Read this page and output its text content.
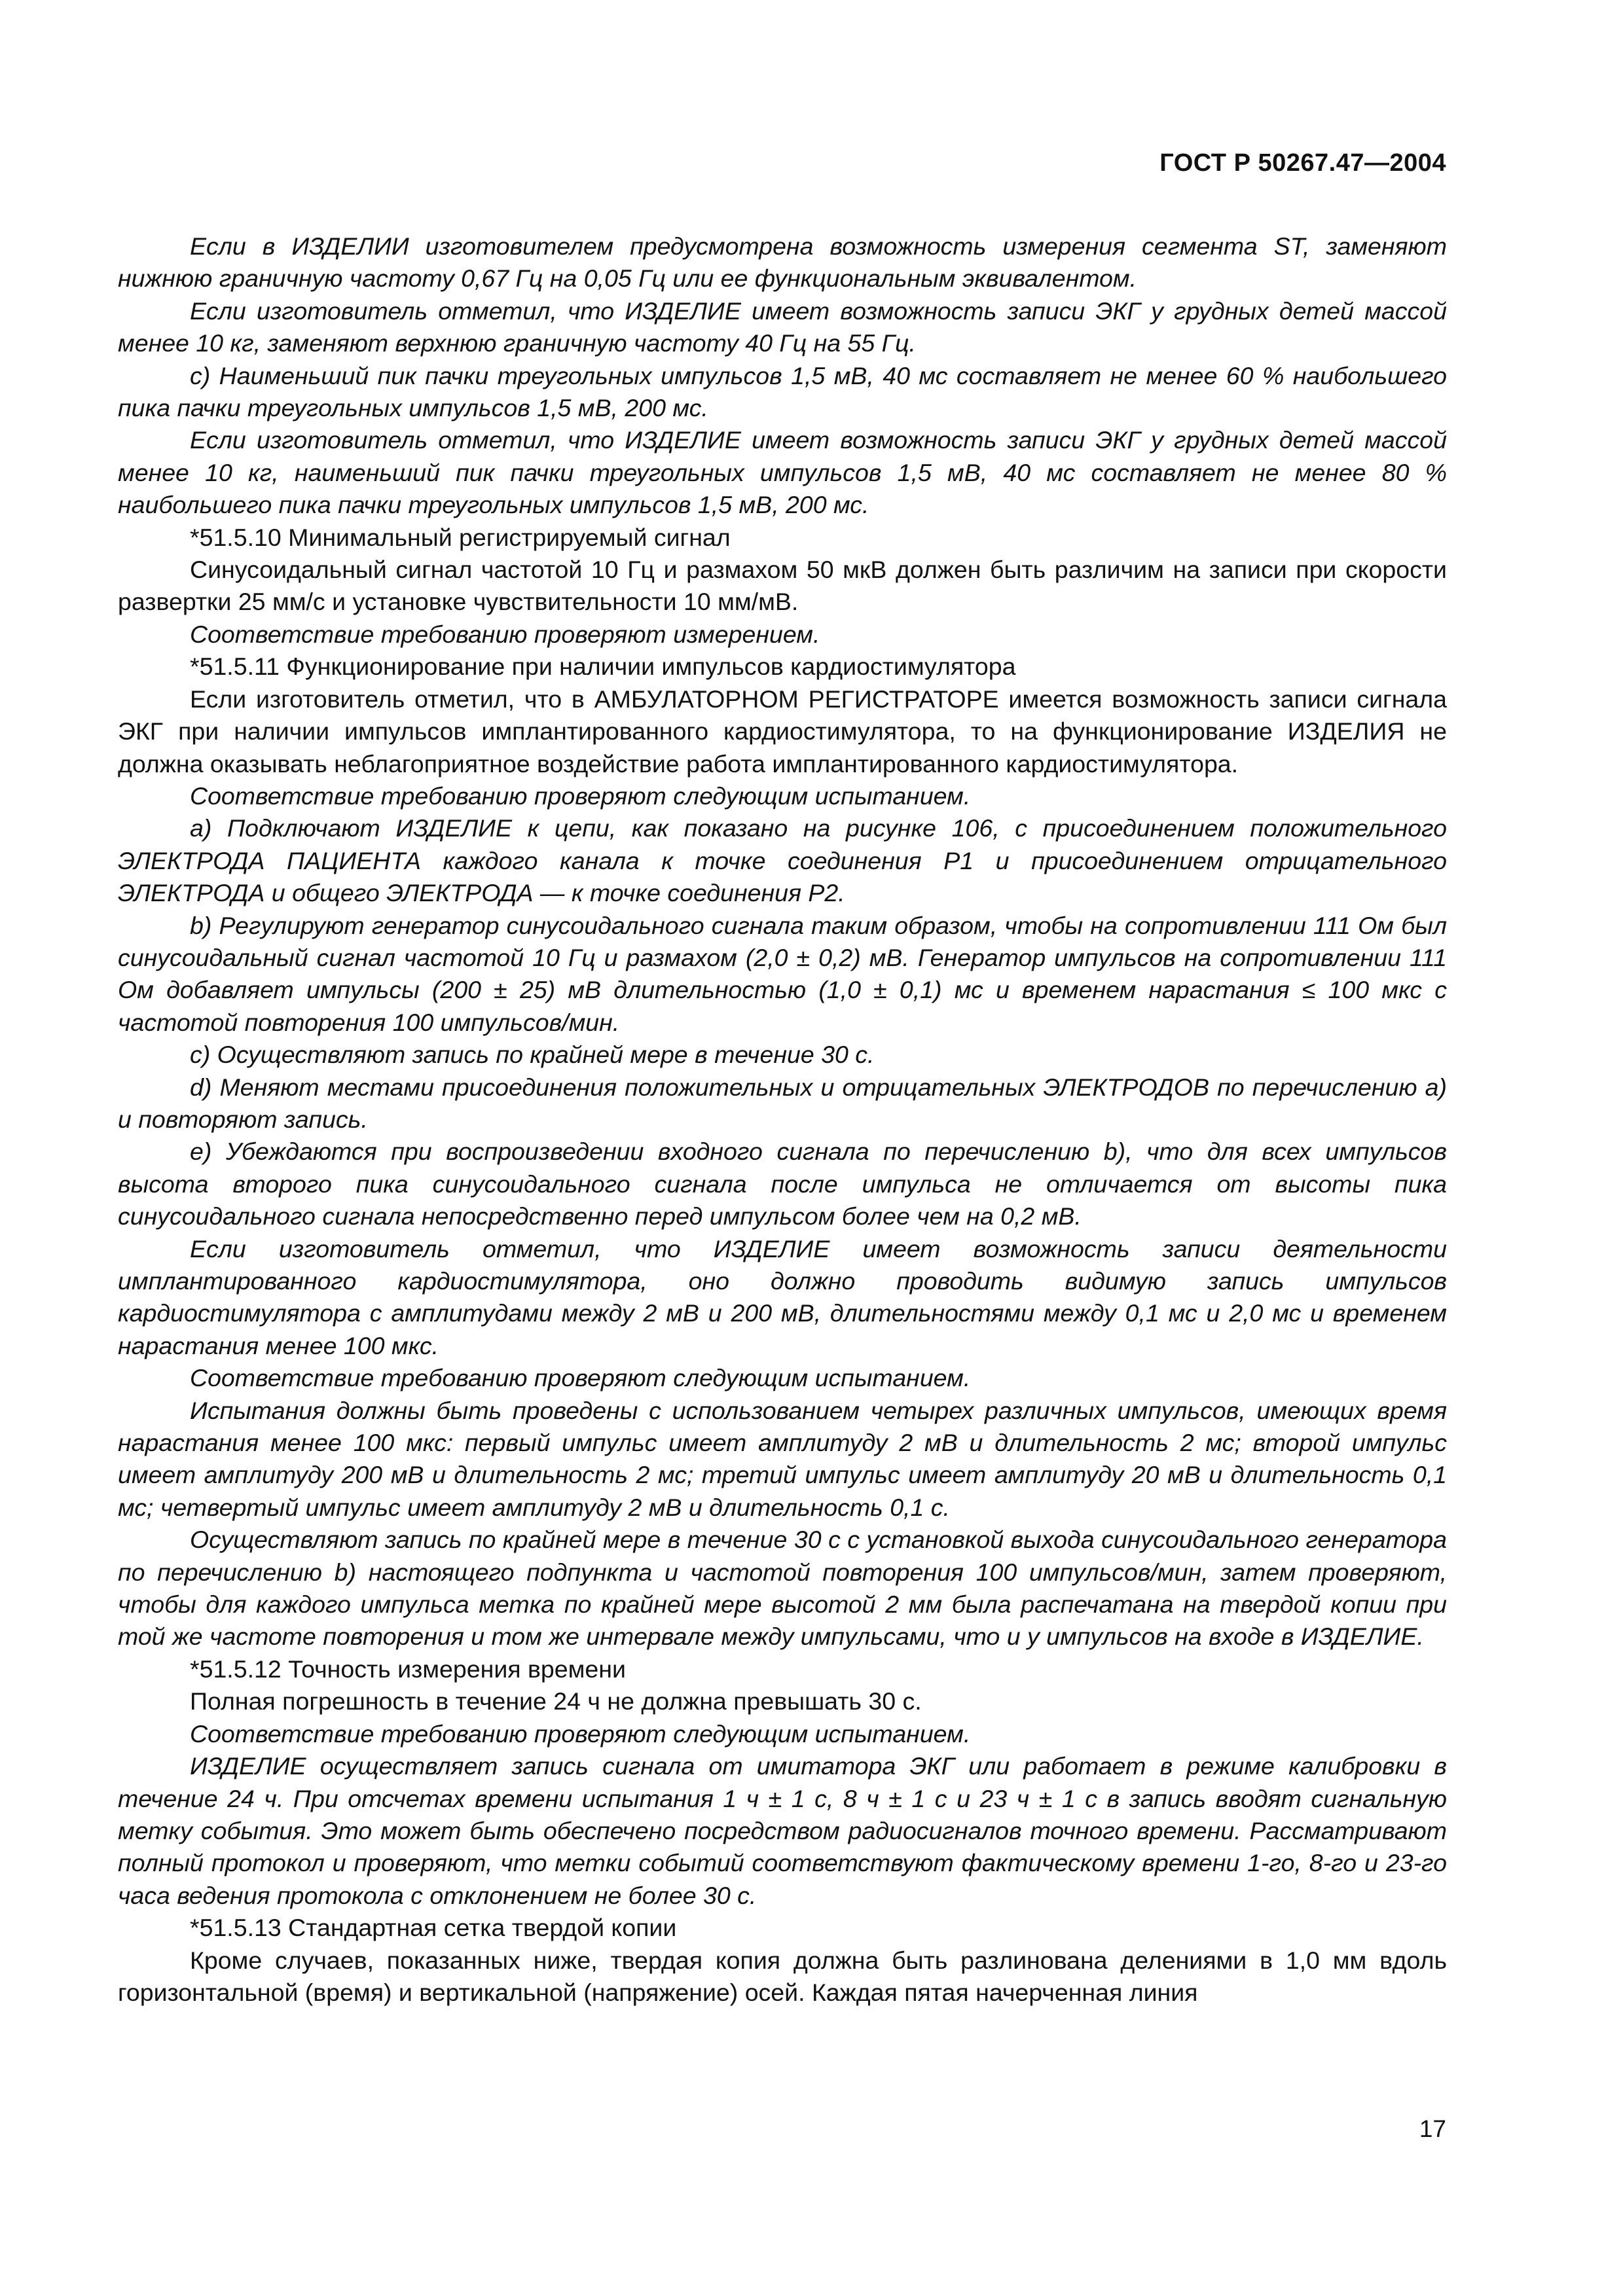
ГОСТ Р 50267.47—2004

Если в ИЗДЕЛИИ изготовителем предусмотрена возможность измерения сегмента ST, заменяют нижнюю граничную частоту 0,67 Гц на 0,05 Гц или ее функциональным эквивалентом.

Если изготовитель отметил, что ИЗДЕЛИЕ имеет возможность записи ЭКГ у грудных детей массой менее 10 кг, заменяют верхнюю граничную частоту 40 Гц на 55 Гц.

с) Наименьший пик пачки треугольных импульсов 1,5 мВ, 40 мс составляет не менее 60 % наибольшего пика пачки треугольных импульсов 1,5 мВ, 200 мс.

Если изготовитель отметил, что ИЗДЕЛИЕ имеет возможность записи ЭКГ у грудных детей массой менее 10 кг, наименьший пик пачки треугольных импульсов 1,5 мВ, 40 мс составляет не менее 80 % наибольшего пика пачки треугольных импульсов 1,5 мВ, 200 мс.

*51.5.10 Минимальный регистрируемый сигнал

Синусоидальный сигнал частотой 10 Гц и размахом 50 мкВ должен быть различим на записи при скорости развертки 25 мм/с и установке чувствительности 10 мм/мВ.

Соответствие требованию проверяют измерением.

*51.5.11 Функционирование при наличии импульсов кардиостимулятора

Если изготовитель отметил, что в АМБУЛАТОРНОМ РЕГИСТРАТОРЕ имеется возможность записи сигнала ЭКГ при наличии импульсов имплантированного кардиостимулятора, то на функционирование ИЗДЕЛИЯ не должна оказывать неблагоприятное воздействие работа имплантированного кардиостимулятора.

Соответствие требованию проверяют следующим испытанием.

а) Подключают ИЗДЕЛИЕ к цепи, как показано на рисунке 106, с присоединением положительного ЭЛЕКТРОДА ПАЦИЕНТА каждого канала к точке соединения Р1 и присоединением отрицательного ЭЛЕКТРОДА и общего ЭЛЕКТРОДА — к точке соединения Р2.

b) Регулируют генератор синусоидального сигнала таким образом, чтобы на сопротивлении 111 Ом был синусоидальный сигнал частотой 10 Гц и размахом (2,0 ± 0,2) мВ. Генератор импульсов на сопротивлении 111 Ом добавляет импульсы (200 ± 25) мВ длительностью (1,0 ± 0,1) мс и временем нарастания ≤ 100 мкс с частотой повторения 100 импульсов/мин.

с) Осуществляют запись по крайней мере в течение 30 с.

d) Меняют местами присоединения положительных и отрицательных ЭЛЕКТРОДОВ по перечислению а) и повторяют запись.

e) Убеждаются при воспроизведении входного сигнала по перечислению b), что для всех импульсов высота второго пика синусоидального сигнала после импульса не отличается от высоты пика синусоидального сигнала непосредственно перед импульсом более чем на 0,2 мВ.

Если изготовитель отметил, что ИЗДЕЛИЕ имеет возможность записи деятельности имплантированного кардиостимулятора, оно должно проводить видимую запись импульсов кардиостимулятора с амплитудами между 2 мВ и 200 мВ, длительностями между 0,1 мс и 2,0 мс и временем нарастания менее 100 мкс.

Соответствие требованию проверяют следующим испытанием.

Испытания должны быть проведены с использованием четырех различных импульсов, имеющих время нарастания менее 100 мкс: первый импульс имеет амплитуду 2 мВ и длительность 2 мс; второй импульс имеет амплитуду 200 мВ и длительность 2 мс; третий импульс имеет амплитуду 20 мВ и длительность 0,1 мс; четвертый импульс имеет амплитуду 2 мВ и длительность 0,1 с.

Осуществляют запись по крайней мере в течение 30 с с установкой выхода синусоидального генератора по перечислению b) настоящего подпункта и частотой повторения 100 импульсов/мин, затем проверяют, чтобы для каждого импульса метка по крайней мере высотой 2 мм была распечатана на твердой копии при той же частоте повторения и том же интервале между импульсами, что и у импульсов на входе в ИЗДЕЛИЕ.

*51.5.12 Точность измерения времени

Полная погрешность в течение 24 ч не должна превышать 30 с.

Соответствие требованию проверяют следующим испытанием.

ИЗДЕЛИЕ осуществляет запись сигнала от имитатора ЭКГ или работает в режиме калибровки в течение 24 ч. При отсчетах времени испытания 1 ч ± 1 с, 8 ч ± 1 с и 23 ч ± 1 с в запись вводят сигнальную метку события. Это может быть обеспечено посредством радиосигналов точного времени. Рассматривают полный протокол и проверяют, что метки событий соответствуют фактическому времени 1-го, 8-го и 23-го часа ведения протокола с отклонением не более 30 с.

*51.5.13 Стандартная сетка твердой копии

Кроме случаев, показанных ниже, твердая копия должна быть разлинована делениями в 1,0 мм вдоль горизонтальной (время) и вертикальной (напряжение) осей. Каждая пятая начерченная линия

17
